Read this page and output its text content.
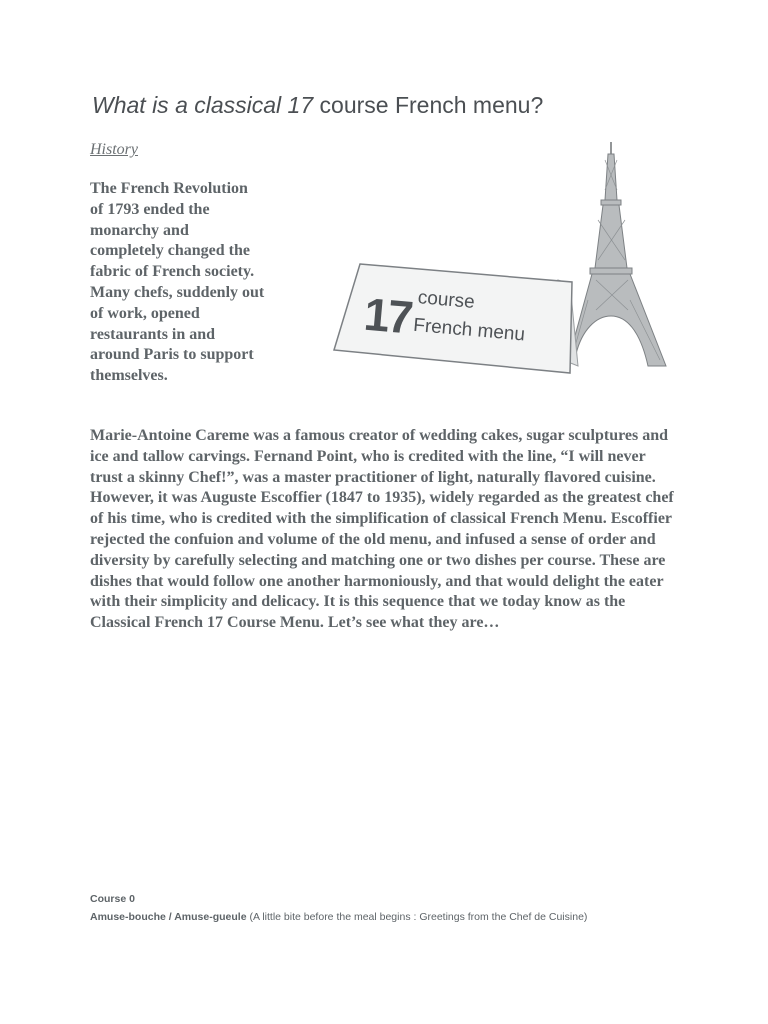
What is a classical 17 course French menu?
History
The French Revolution of 1793 ended the monarchy and completely changed the fabric of French society. Many chefs, suddenly out of work, opened restaurants in and around Paris to support themselves.
17 course
French menu

Marie-Antoine Careme was a famous creator of wedding cakes, sugar sculptures and ice and tallow carvings. Fernand Point, who is credited with the line, “I will never trust a skinny Chef!”, was a master practitioner of light, naturally flavored cuisine. However, it was Auguste Escoffier (1847 to 1935), widely regarded as the greatest chef of his time, who is credited with the simplification of classical French Menu. Escoffier rejected the confuion and volume of the old menu, and infused a sense of order and diversity by carefully selecting and matching one or two dishes per course. These are dishes that would follow one another harmoniously, and that would delight the eater with their simplicity and delicacy. It is this sequence that we today know as the Classical French 17 Course Menu. Let’s see what they are…

Course 0
Amuse-bouche / Amuse-gueule (A little bite before the meal begins : Greetings from the Chef de Cuisine)
